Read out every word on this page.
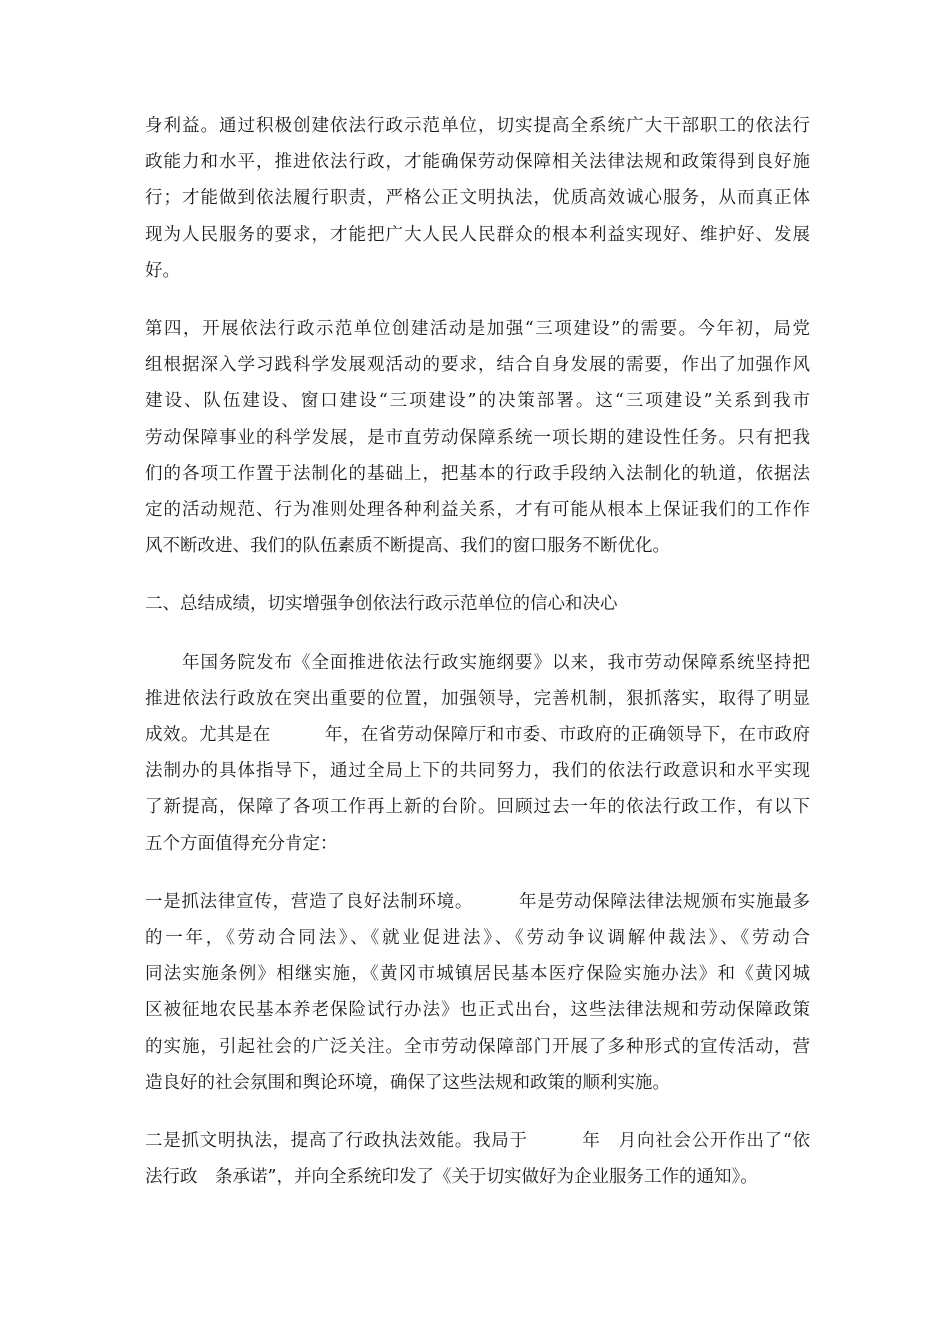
身利益。通过积极创建依法行政示范单位，切实提高全系统广大干部职工的依法行
政能力和水平，推进依法行政，才能确保劳动保障相关法律法规和政策得到良好施
行；才能做到依法履行职责，严格公正文明执法，优质高效诚心服务，从而真正体
现为人民服务的要求，才能把广大人民人民群众的根本利益实现好、维护好、发展
好。
第四，开展依法行政示范单位创建活动是加强“三项建设”的需要。今年初，局党
组根据深入学习践科学发展观活动的要求，结合自身发展的需要，作出了加强作风
建设、队伍建设、窗口建设“三项建设”的决策部署。这“三项建设”关系到我市
劳动保障事业的科学发展，是市直劳动保障系统一项长期的建设性任务。只有把我
们的各项工作置于法制化的基础上，把基本的行政手段纳入法制化的轨道，依据法
定的活动规范、行为准则处理各种利益关系，才有可能从根本上保证我们的工作作
风不断改进、我们的队伍素质不断提高、我们的窗口服务不断优化。
二、总结成绩，切实增强争创依法行政示范单位的信心和决心
　　年国务院发布《全面推进依法行政实施纲要》以来，我市劳动保障系统坚持把
推进依法行政放在突出重要的位置，加强领导，完善机制，狠抓落实，取得了明显
成效。尤其是在　　　年，在省劳动保障厅和市委、市政府的正确领导下，在市政府
法制办的具体指导下，通过全局上下的共同努力，我们的依法行政意识和水平实现
了新提高，保障了各项工作再上新的台阶。回顾过去一年的依法行政工作，有以下
五个方面值得充分肯定：
一是抓法律宣传，营造了良好法制环境。　　　年是劳动保障法律法规颁布实施最多
的一年，《劳动合同法》、《就业促进法》、《劳动争议调解仲裁法》、《劳动合
同法实施条例》相继实施，《黄冈市城镇居民基本医疗保险实施办法》和《黄冈城
区被征地农民基本养老保险试行办法》也正式出台，这些法律法规和劳动保障政策
的实施，引起社会的广泛关注。全市劳动保障部门开展了多种形式的宣传活动，营
造良好的社会氛围和舆论环境，确保了这些法规和政策的顺利实施。
二是抓文明执法，提高了行政执法效能。我局于　　　年　月向社会公开作出了“依
法行政　条承诺”，并向全系统印发了《关于切实做好为企业服务工作的通知》。
